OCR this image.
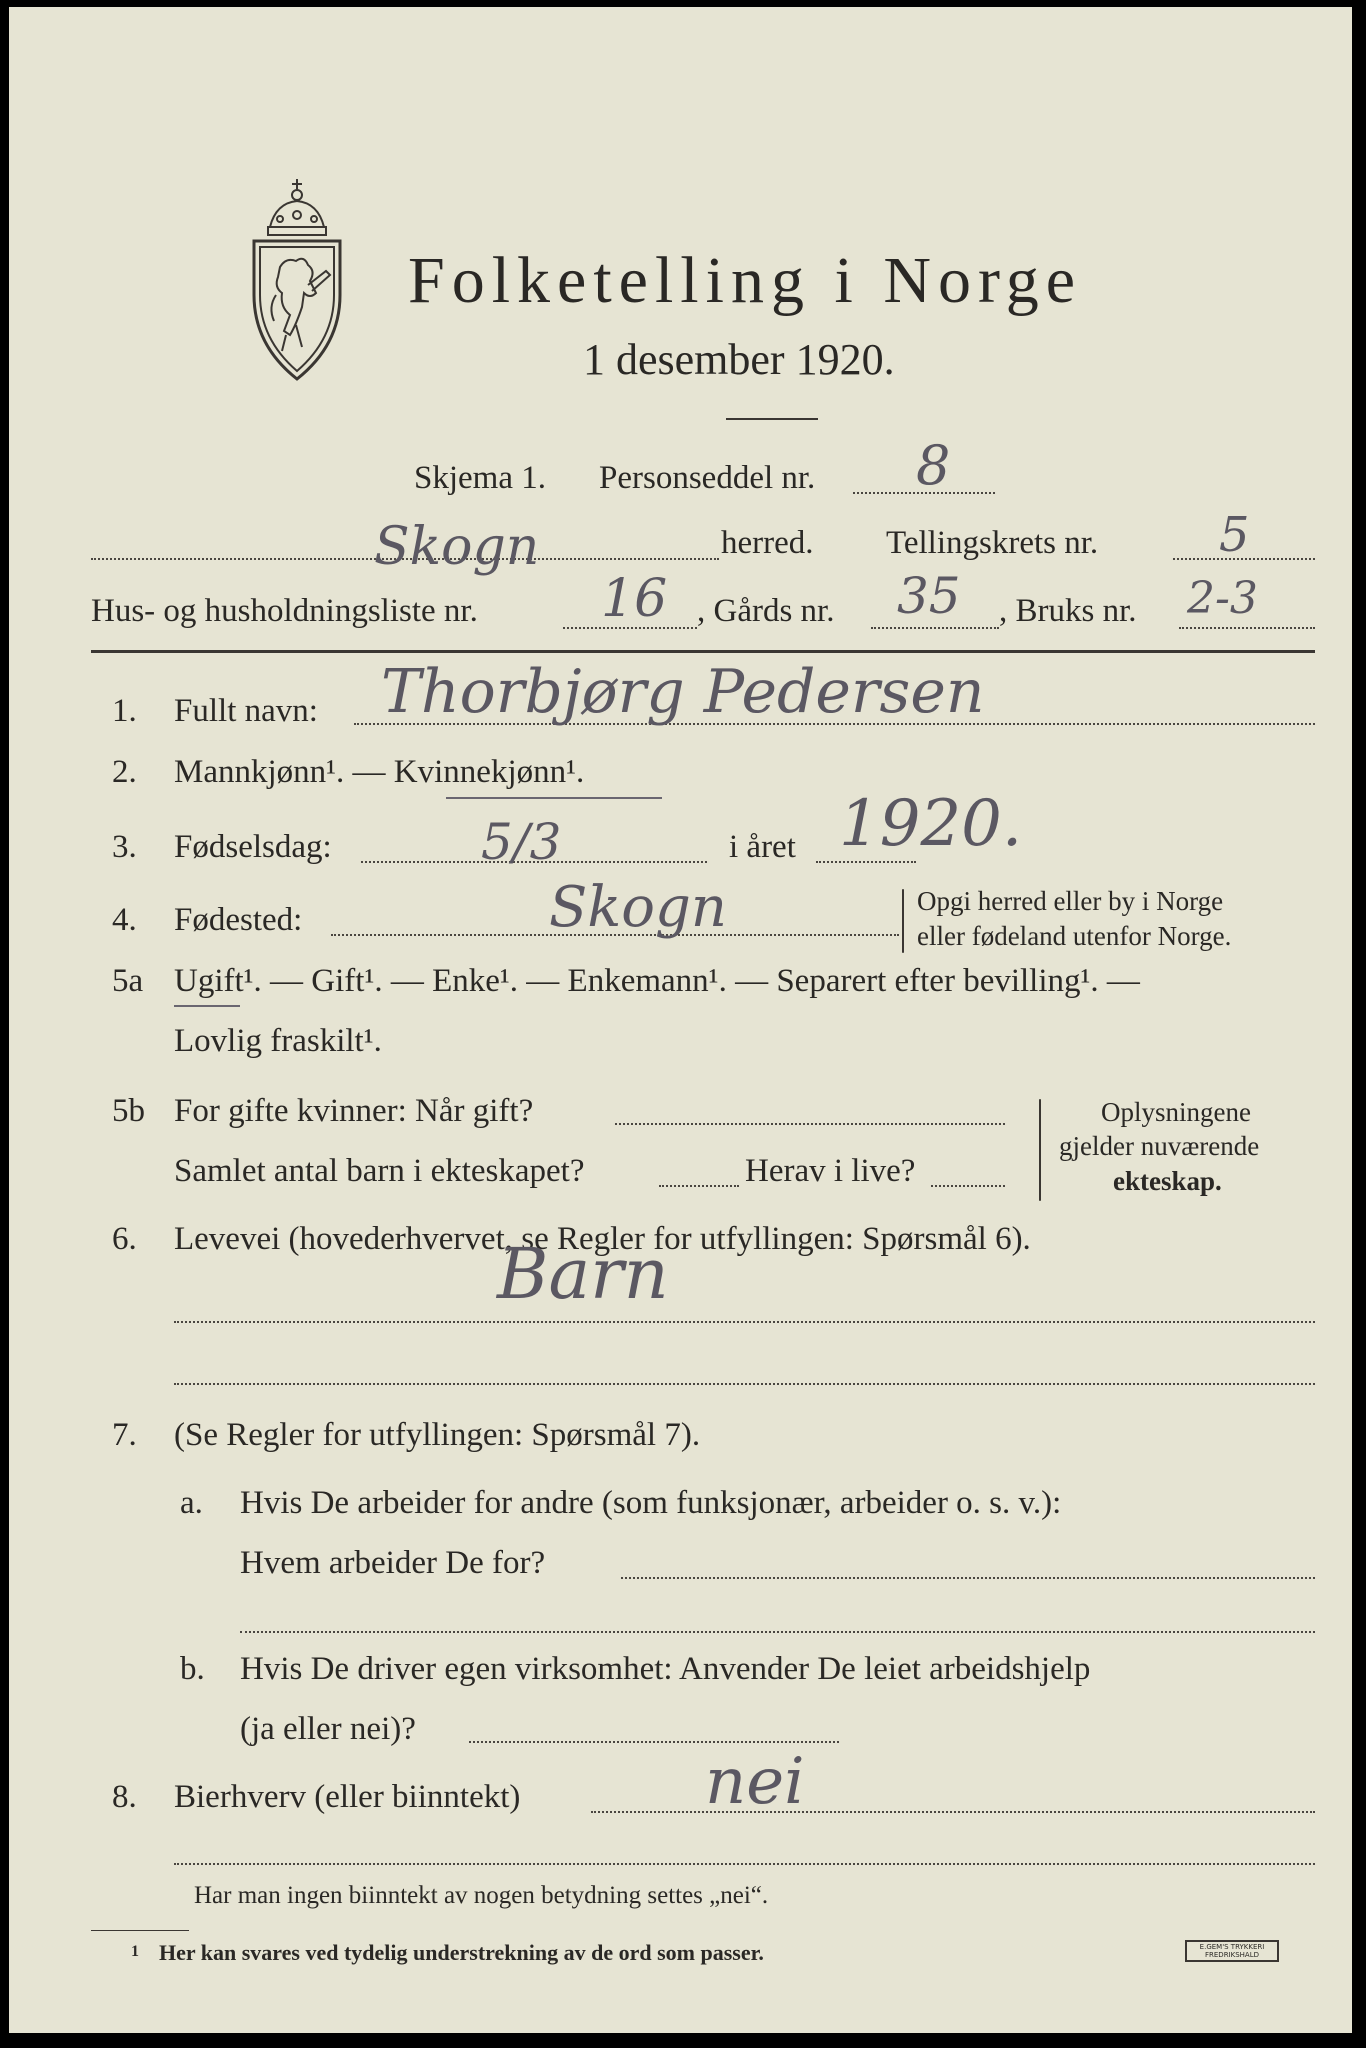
Folketelling i Norge
1 desember 1920.
Skjema 1. Personseddel nr. 8
Skogn	herred. Tellingskrets nr.	5
Hus- og husholdningsliste nr. 16 , Gårds nr. 35 , Bruks nr. 2-3
1. Fullt navn: Thorbjørg Pedersen
2. Mannkjønn¹. — Kvinnekjønn¹.
3. Fødselsdag:	5/3	i året 1920.
4. Fødested:	Skogn	Opgi herred eller by i Norge
eller fødeland utenfor Norge.
5a Ugift¹. — Gift¹. — Enke¹. — Enkemann¹. — Separert efter bevilling¹. —
Lovlig fraskilt¹.
5b For gifte kvinner: Når gift?
Samlet antal barn i ekteskapet?	Herav i live?
Oplysningene
gjelder nuværende
ekteskap.
6. Levevei (hovederhvervet, se Regler for utfyllingen: Spørsmål 6).
Barn
7. (Se Regler for utfyllingen: Spørsmål 7).
a. Hvis De arbeider for andre (som funksjonær, arbeider o. s. v.):
Hvem arbeider De for?
b. Hvis De driver egen virksomhet: Anvender De leiet arbeidshjelp
(ja eller nei)?
8. Bierhverv (eller biinntekt)	nei
Har man ingen biinntekt av nogen betydning settes „nei“.
1 Her kan svares ved tydelig understrekning av de ord som passer.	E.GEM'S TRYKKERI
FREDRIKSHALD
